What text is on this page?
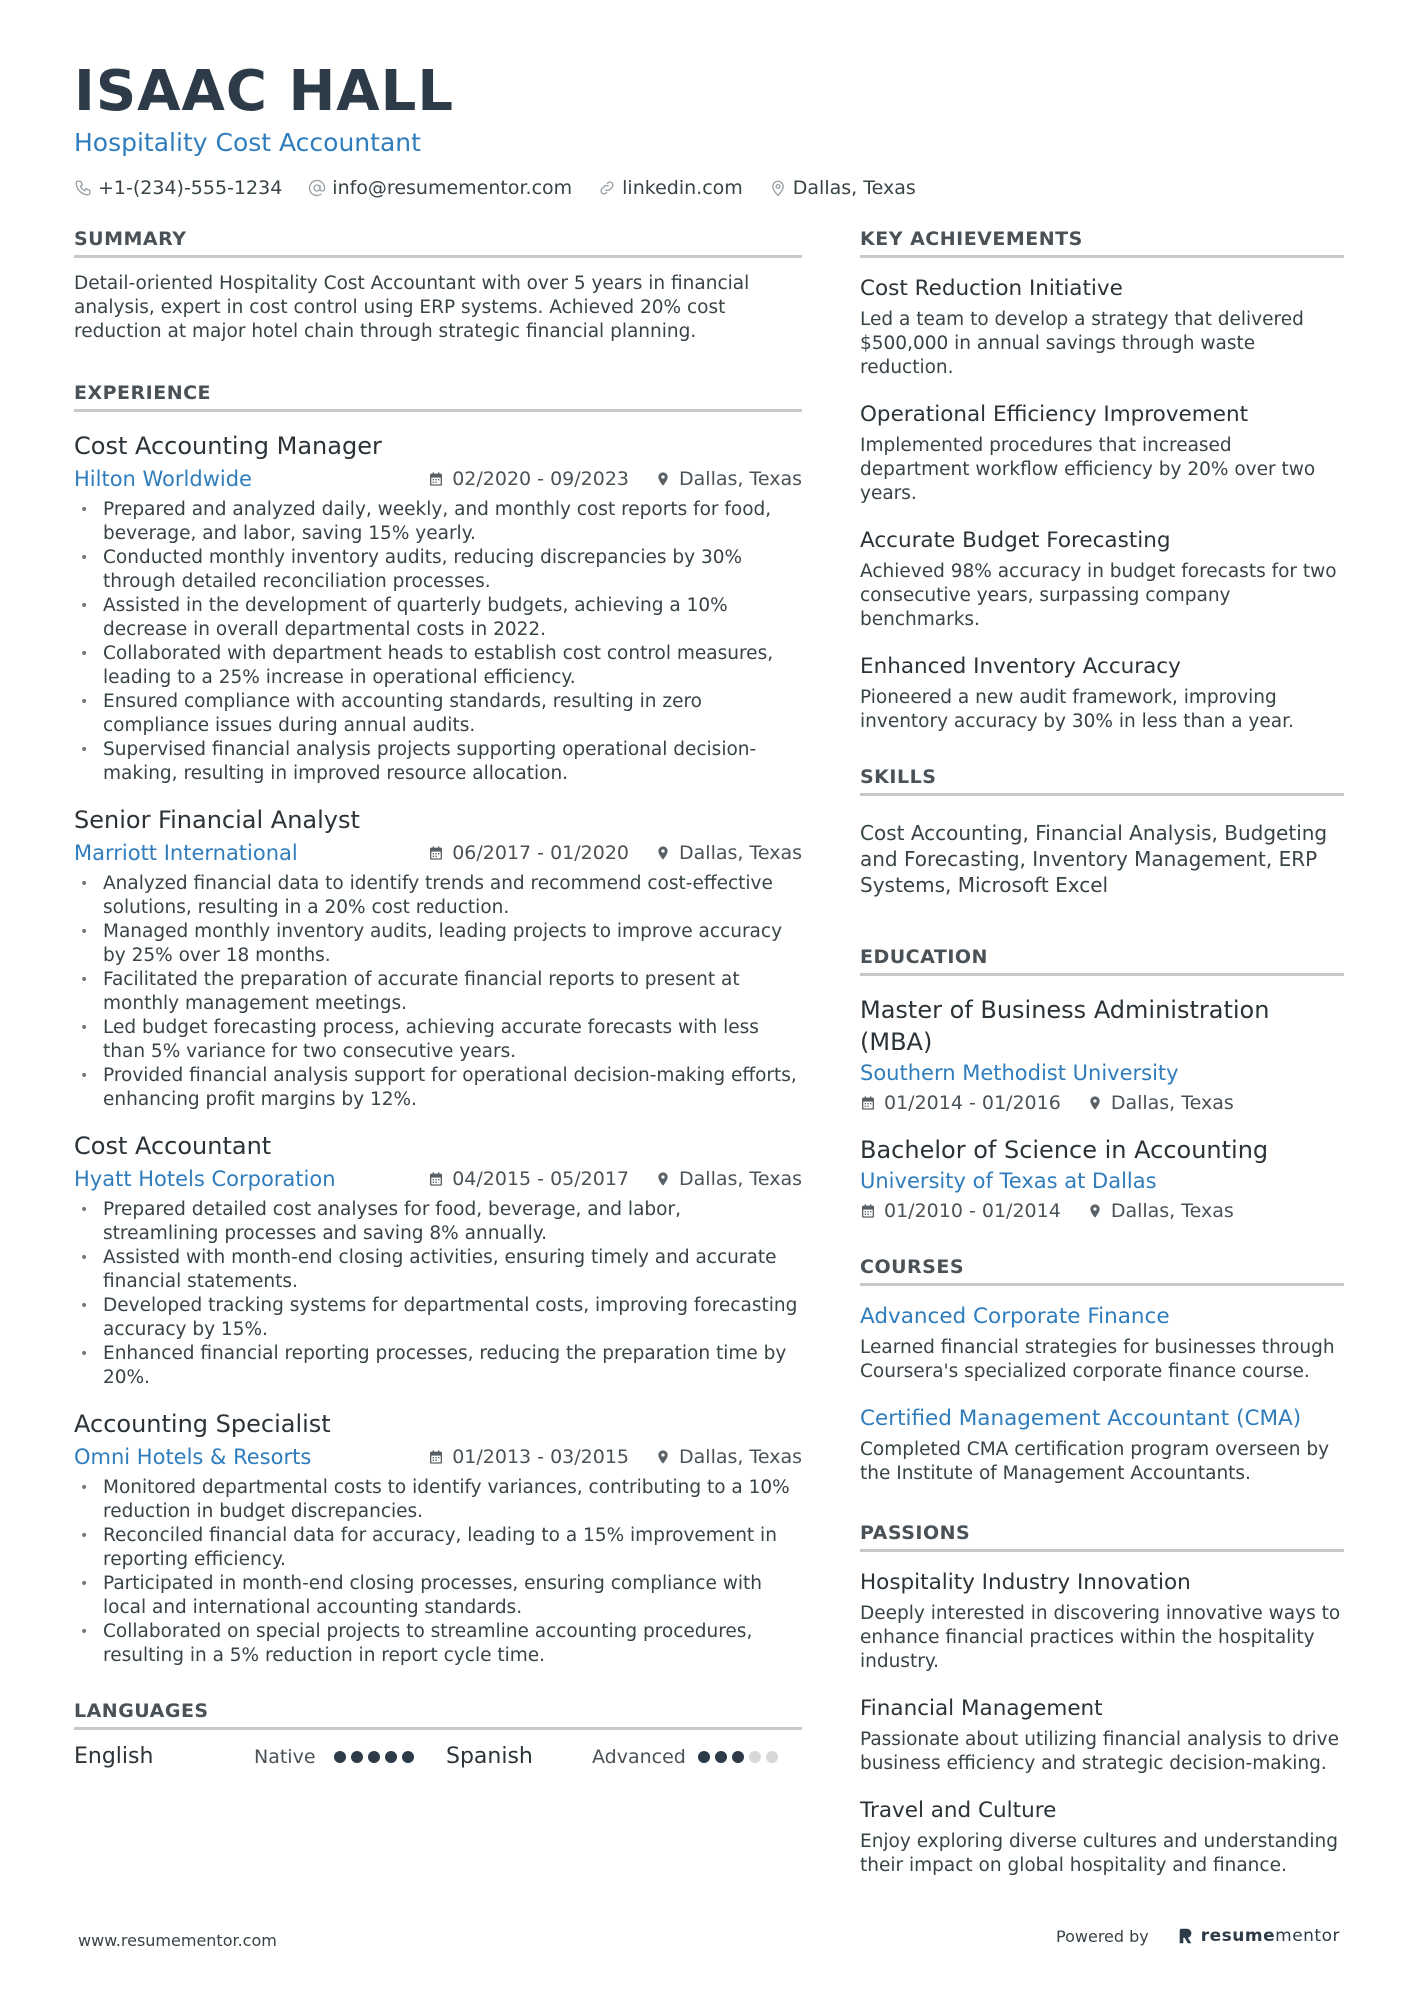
ISAAC HALL
Hospitality Cost Accountant
+1-(234)-555-1234	info@resumementor.com	linkedin.com	Dallas, Texas
SUMMARY

Detail-oriented Hospitality Cost Accountant with over 5 years in financial analysis, expert in cost control using ERP systems. Achieved 20% cost reduction at major hotel chain through strategic financial planning.

EXPERIENCE
Cost Accounting Manager
Hilton Worldwide	02/2020 - 09/2023	Dallas, Texas
• Prepared and analyzed daily, weekly, and monthly cost reports for food, beverage, and labor, saving 15% yearly.
• Conducted monthly inventory audits, reducing discrepancies by 30% through detailed reconciliation processes.
• Assisted in the development of quarterly budgets, achieving a 10% decrease in overall departmental costs in 2022.
• Collaborated with department heads to establish cost control measures, leading to a 25% increase in operational efficiency.
• Ensured compliance with accounting standards, resulting in zero compliance issues during annual audits.
• Supervised financial analysis projects supporting operational decision-making, resulting in improved resource allocation.
Senior Financial Analyst
Marriott International	06/2017 - 01/2020	Dallas, Texas
• Analyzed financial data to identify trends and recommend cost-effective solutions, resulting in a 20% cost reduction.
• Managed monthly inventory audits, leading projects to improve accuracy by 25% over 18 months.
• Facilitated the preparation of accurate financial reports to present at monthly management meetings.
• Led budget forecasting process, achieving accurate forecasts with less than 5% variance for two consecutive years.
• Provided financial analysis support for operational decision-making efforts, enhancing profit margins by 12%.
Cost Accountant
Hyatt Hotels Corporation	04/2015 - 05/2017	Dallas, Texas
• Prepared detailed cost analyses for food, beverage, and labor, streamlining processes and saving 8% annually.
• Assisted with month-end closing activities, ensuring timely and accurate financial statements.
• Developed tracking systems for departmental costs, improving forecasting accuracy by 15%.
• Enhanced financial reporting processes, reducing the preparation time by 20%.
Accounting Specialist
Omni Hotels & Resorts	01/2013 - 03/2015	Dallas, Texas
• Monitored departmental costs to identify variances, contributing to a 10% reduction in budget discrepancies.
• Reconciled financial data for accuracy, leading to a 15% improvement in reporting efficiency.
• Participated in month-end closing processes, ensuring compliance with local and international accounting standards.
• Collaborated on special projects to streamline accounting procedures, resulting in a 5% reduction in report cycle time.
LANGUAGES
English	Native	Spanish	Advanced
KEY ACHIEVEMENTS
Cost Reduction Initiative
Led a team to develop a strategy that delivered $500,000 in annual savings through waste reduction.
Operational Efficiency Improvement
Implemented procedures that increased department workflow efficiency by 20% over two years.
Accurate Budget Forecasting
Achieved 98% accuracy in budget forecasts for two consecutive years, surpassing company benchmarks.
Enhanced Inventory Accuracy
Pioneered a new audit framework, improving inventory accuracy by 30% in less than a year.
SKILLS
Cost Accounting, Financial Analysis, Budgeting and Forecasting, Inventory Management, ERP Systems, Microsoft Excel
EDUCATION
Master of Business Administration (MBA)
Southern Methodist University
01/2014 - 01/2016	Dallas, Texas
Bachelor of Science in Accounting
University of Texas at Dallas
01/2010 - 01/2014	Dallas, Texas
COURSES
Advanced Corporate Finance
Learned financial strategies for businesses through Coursera's specialized corporate finance course.
Certified Management Accountant (CMA)
Completed CMA certification program overseen by the Institute of Management Accountants.
PASSIONS
Hospitality Industry Innovation
Deeply interested in discovering innovative ways to enhance financial practices within the hospitality industry.
Financial Management
Passionate about utilizing financial analysis to drive business efficiency and strategic decision-making.
Travel and Culture
Enjoy exploring diverse cultures and understanding their impact on global hospitality and finance.
www.resumementor.com	Powered by	resumementor
